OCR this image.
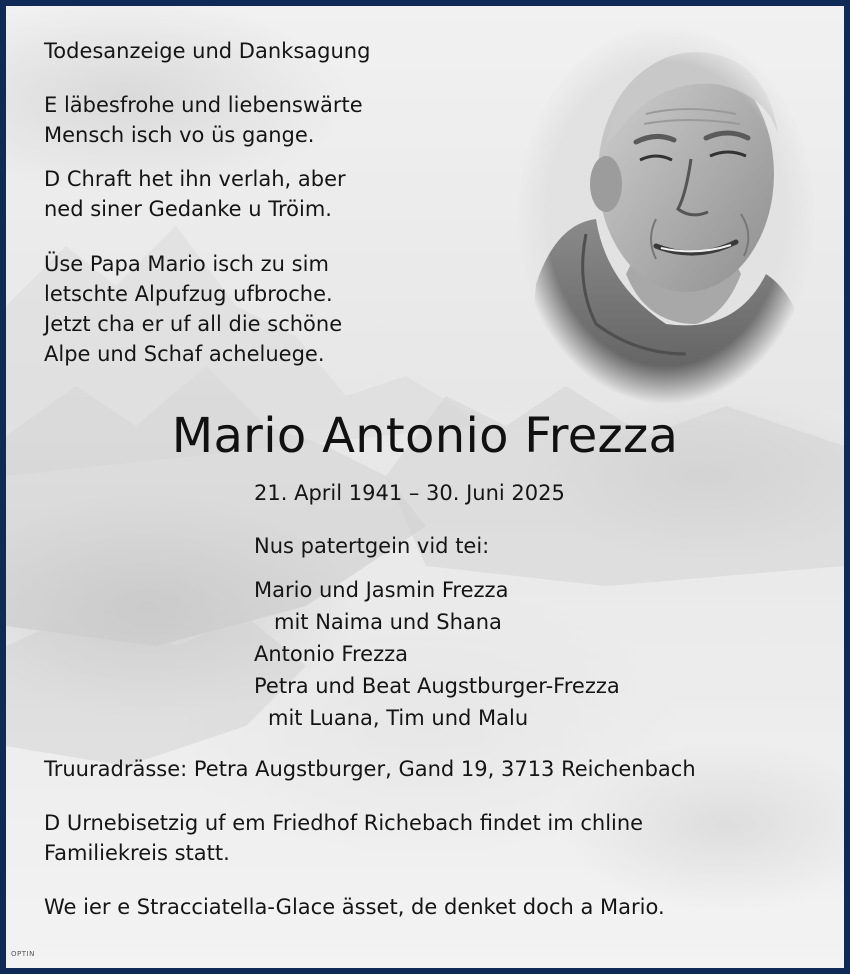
Todesanzeige und Danksagung
E läbesfrohe und liebenswärte
Mensch isch vo üs gange.
D Chraft het ihn verlah, aber
ned siner Gedanke u Tröim.
Üse Papa Mario isch zu sim
letschte Alpufzug ufbroche.
Jetzt cha er uf all die schöne
Alpe und Schaf acheluege.
Mario Antonio Frezza
21. April 1941 – 30. Juni 2025
Nus patertgein vid tei:
Mario und Jasmin Frezza
mit Naima und Shana
Antonio Frezza
Petra und Beat Augstburger-Frezza
mit Luana, Tim und Malu
Truuradrässe: Petra Augstburger, Gand 19, 3713 Reichenbach
D Urnebisetzig uf em Friedhof Richebach findet im chline
Familiekreis statt.
We ier e Stracciatella-Glace ässet, de denket doch a Mario.
OPTIN
